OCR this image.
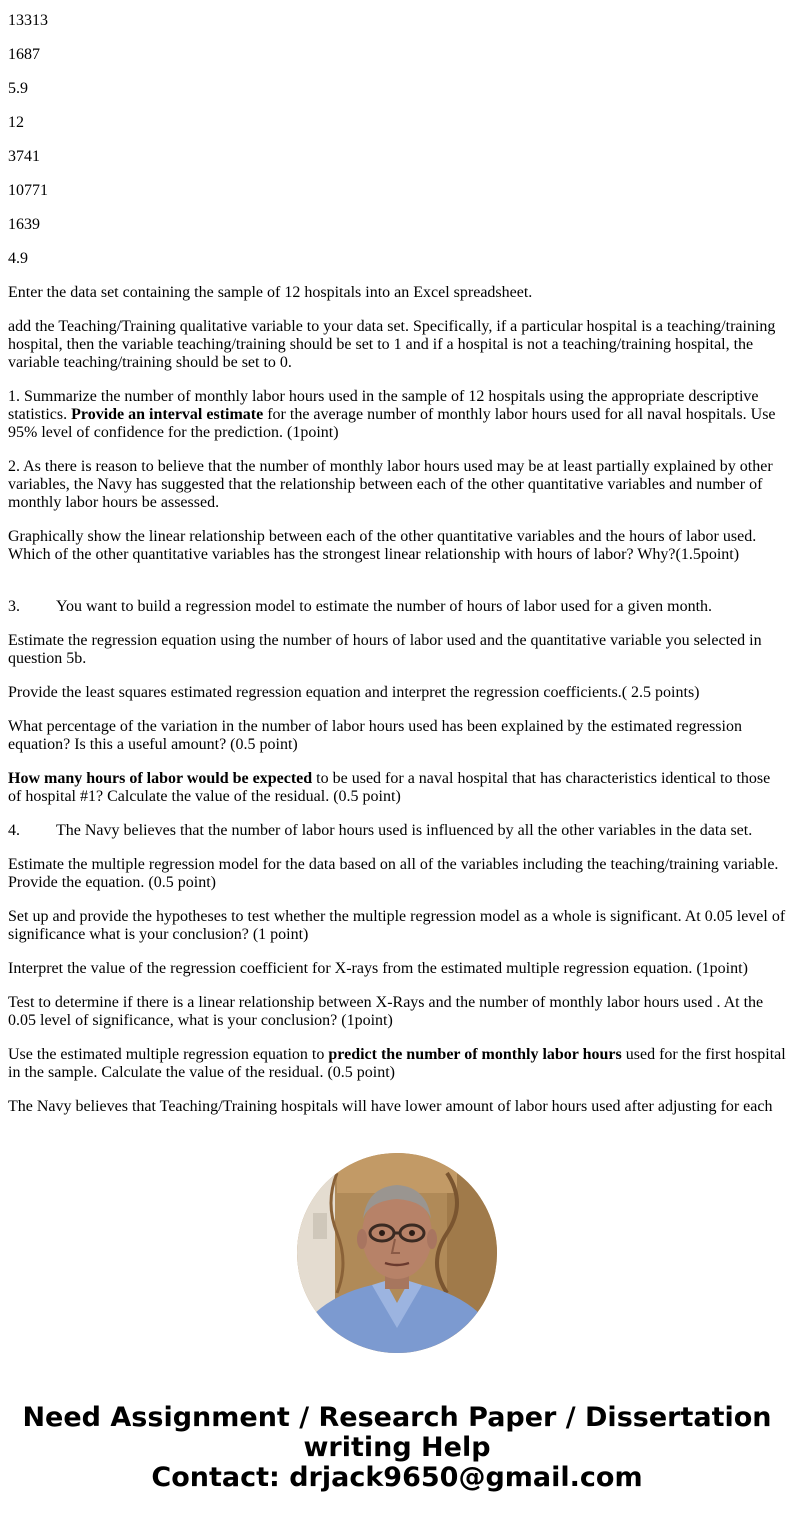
13313

1687

5.9

12

3741

10771

1639

4.9

Enter the data set containing the sample of 12 hospitals into an Excel spreadsheet.

add the Teaching/Training qualitative variable to your data set. Specifically, if a particular hospital is a teaching/training hospital, then the variable teaching/training should be set to 1 and if a hospital is not a teaching/training hospital, the variable teaching/training should be set to 0.

1. Summarize the number of monthly labor hours used in the sample of 12 hospitals using the appropriate descriptive statistics. Provide an interval estimate for the average number of monthly labor hours used for all naval hospitals. Use 95% level of confidence for the prediction. (1point)

2. As there is reason to believe that the number of monthly labor hours used may be at least partially explained by other variables, the Navy has suggested that the relationship between each of the other quantitative variables and number of monthly labor hours be assessed.

Graphically show the linear relationship between each of the other quantitative variables and the hours of labor used. Which of the other quantitative variables has the strongest linear relationship with hours of labor? Why?(1.5point)

3. You want to build a regression model to estimate the number of hours of labor used for a given month.

Estimate the regression equation using the number of hours of labor used and the quantitative variable you selected in question 5b.

Provide the least squares estimated regression equation and interpret the regression coefficients.( 2.5 points)

What percentage of the variation in the number of labor hours used has been explained by the estimated regression equation? Is this a useful amount? (0.5 point)

How many hours of labor would be expected to be used for a naval hospital that has characteristics identical to those of hospital #1? Calculate the value of the residual. (0.5 point)

4. The Navy believes that the number of labor hours used is influenced by all the other variables in the data set.

Estimate the multiple regression model for the data based on all of the variables including the teaching/training variable. Provide the equation. (0.5 point)

Set up and provide the hypotheses to test whether the multiple regression model as a whole is significant. At 0.05 level of significance what is your conclusion? (1 point)

Interpret the value of the regression coefficient for X-rays from the estimated multiple regression equation. (1point)

Test to determine if there is a linear relationship between X-Rays and the number of monthly labor hours used . At the 0.05 level of significance, what is your conclusion? (1point)

Use the estimated multiple regression equation to predict the number of monthly labor hours used for the first hospital in the sample. Calculate the value of the residual. (0.5 point)

The Navy believes that Teaching/Training hospitals will have lower amount of labor hours used after adjusting for each

Need Assignment / Research Paper / Dissertation
writing Help
Contact: drjack9650@gmail.com
